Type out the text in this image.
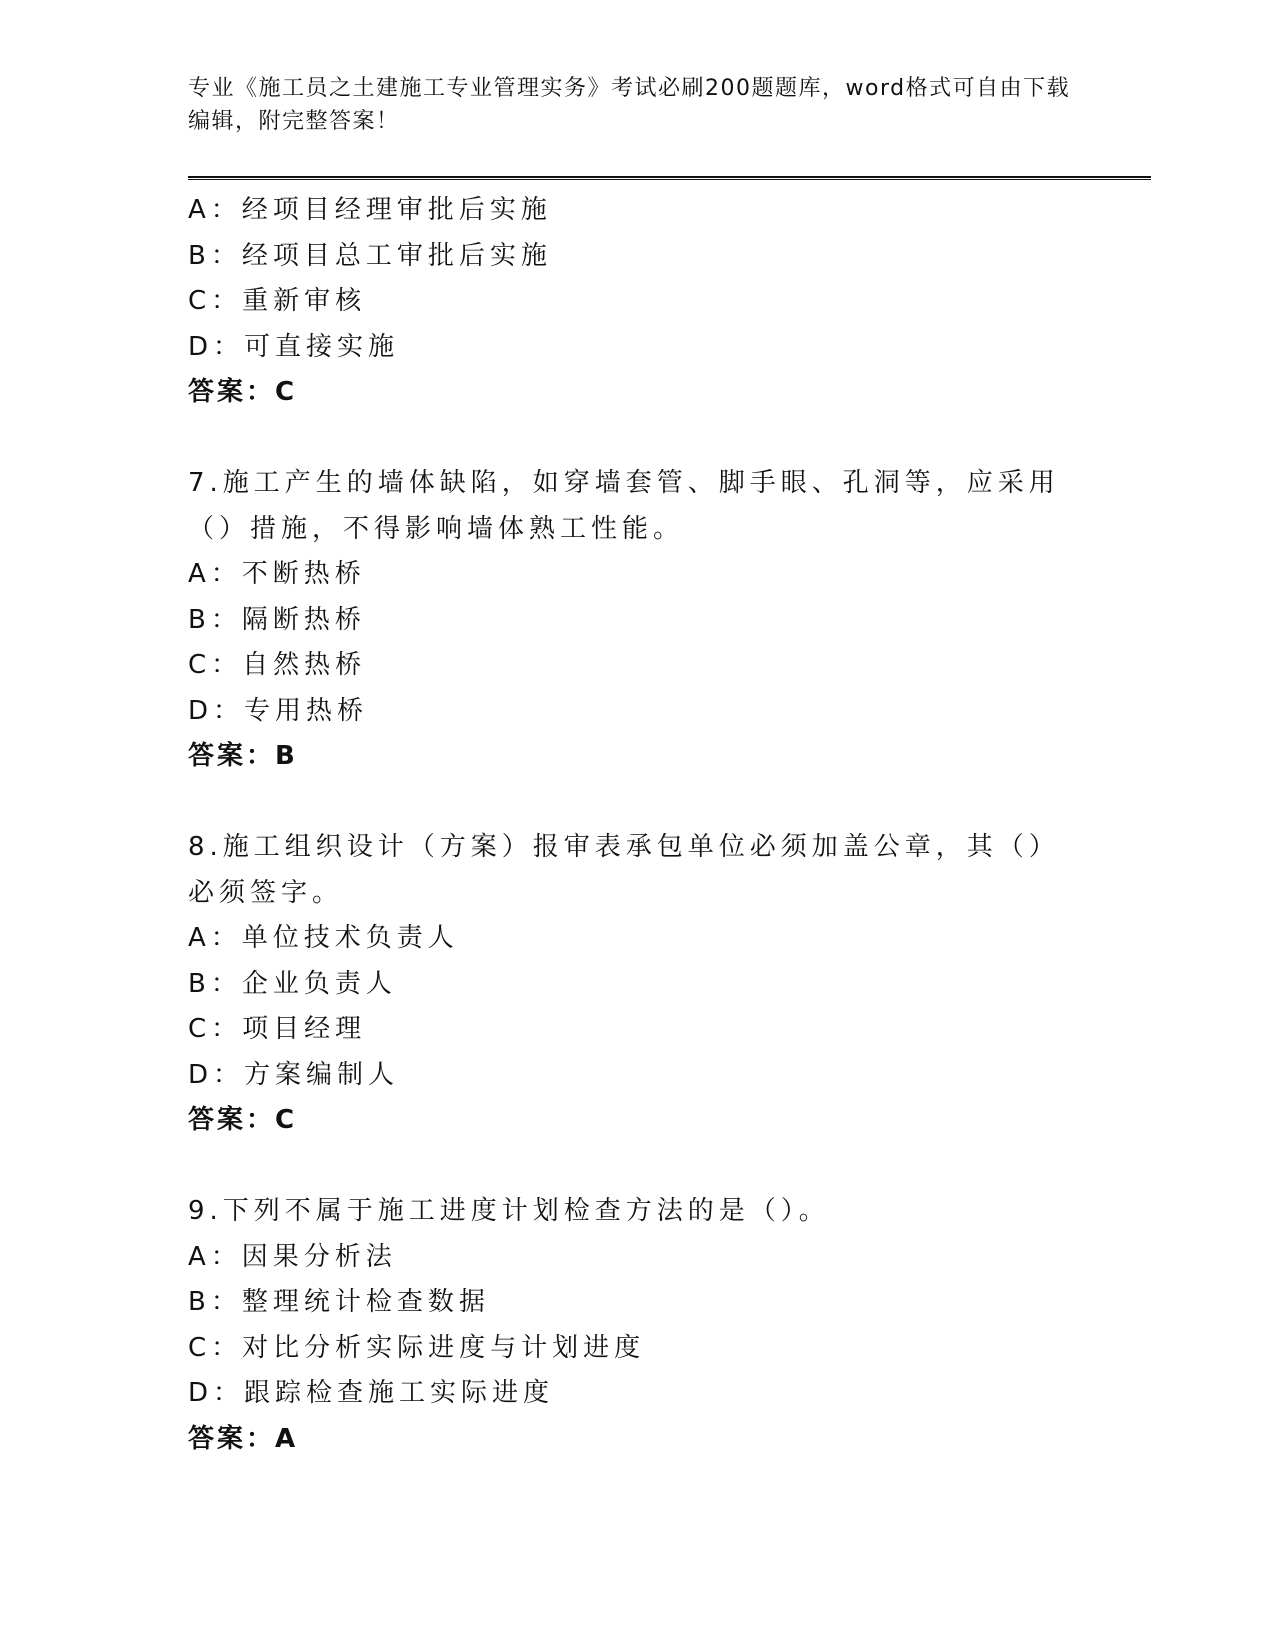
专业《施工员之土建施工专业管理实务》考试必刷200题题库，word格式可自由下载编辑，附完整答案！
A：经项目经理审批后实施
B：经项目总工审批后实施
C：重新审核
D：可直接实施
答案：C
7.施工产生的墙体缺陷，如穿墙套管、脚手眼、孔洞等，应采用（）措施，不得影响墙体熟工性能。
A：不断热桥
B：隔断热桥
C：自然热桥
D：专用热桥
答案：B
8.施工组织设计（方案）报审表承包单位必须加盖公章，其（）必须签字。
A：单位技术负责人
B：企业负责人
C：项目经理
D：方案编制人
答案：C
9.下列不属于施工进度计划检查方法的是（）。
A：因果分析法
B：整理统计检查数据
C：对比分析实际进度与计划进度
D：跟踪检查施工实际进度
答案：A
